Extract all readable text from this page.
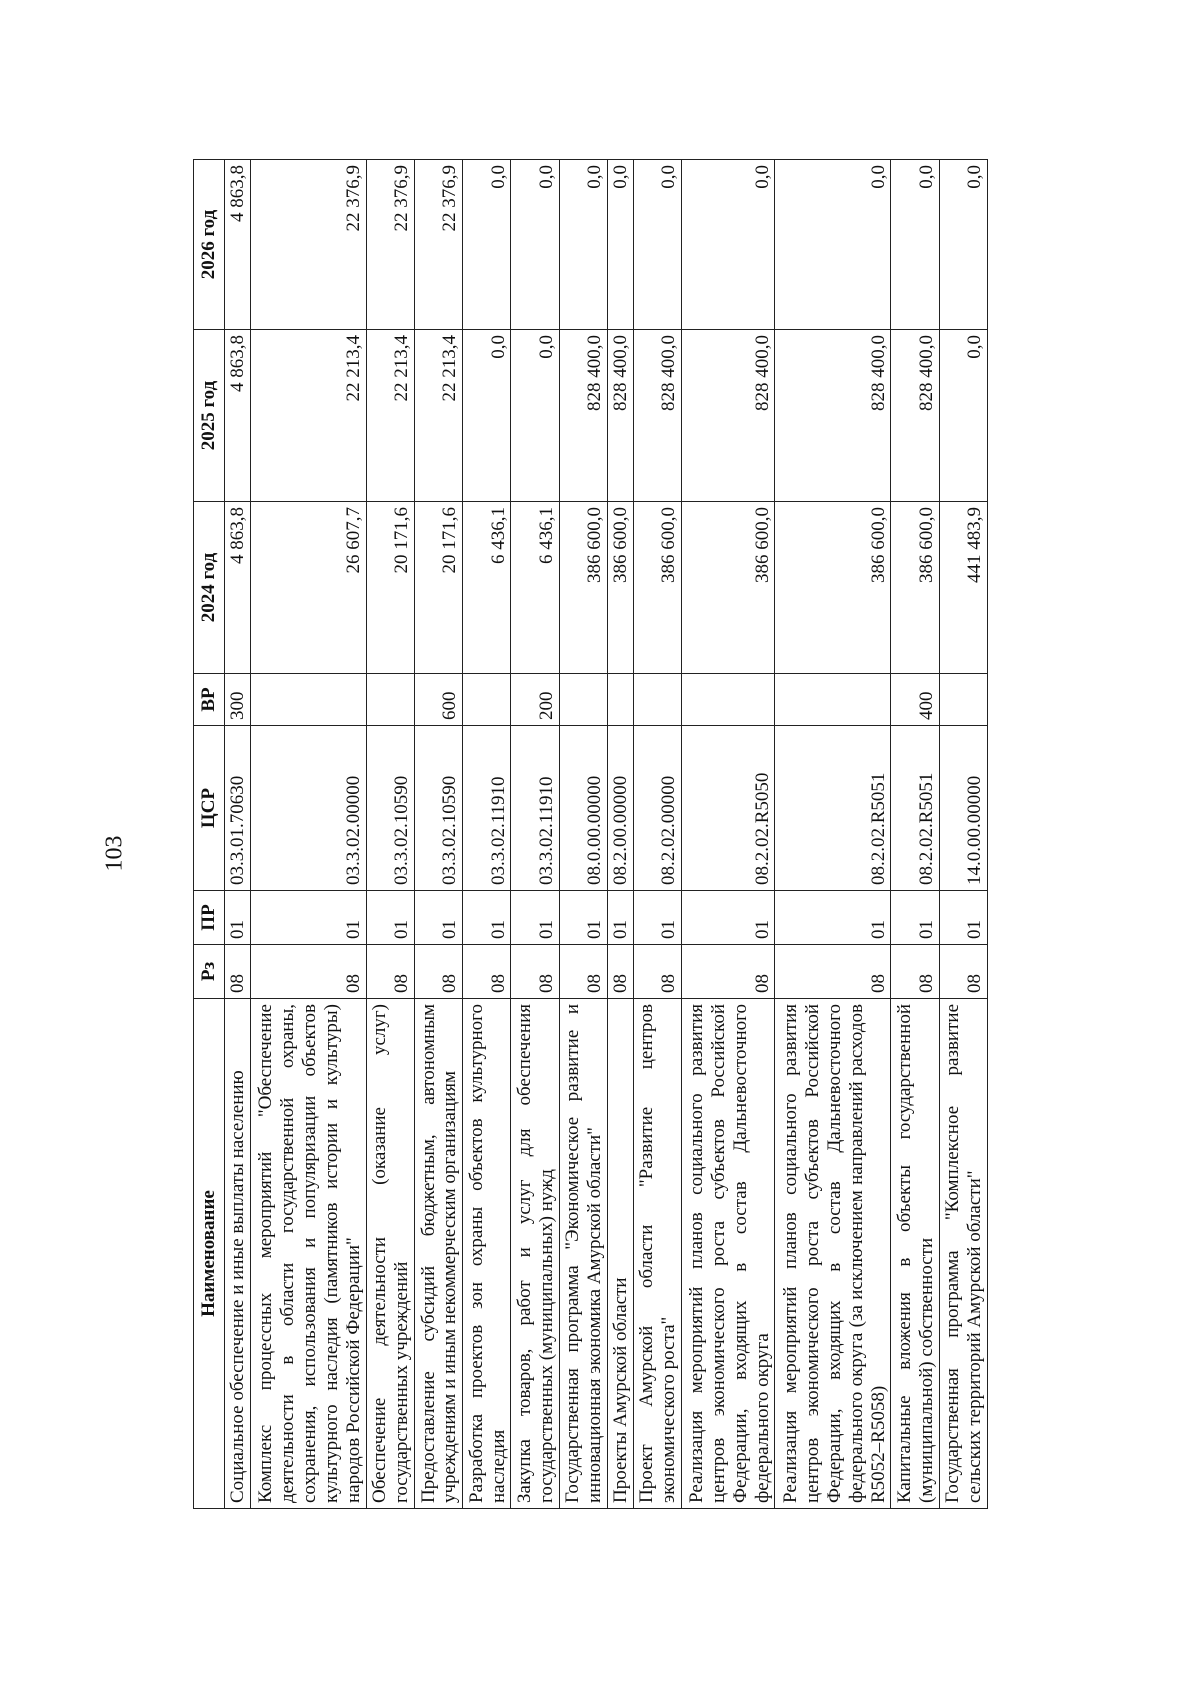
103
Наименование	Рз	ПР	ЦСР	ВР	2024 год	2025 год	2026 год
Социальное обеспечение и иные выплаты населению	08	01	03.3.01.70630	300	4 863,8	4 863,8	4 863,8
Комплекс процессных мероприятий "Обеспечение деятельности в области государственной охраны, сохранения, использования и популяризации объектов культурного наследия (памятников истории и культуры) народов Российской Федерации"	08	01	03.3.02.00000		26 607,7	22 213,4	22 376,9
Обеспечение деятельности (оказание услуг) государственных учреждений	08	01	03.3.02.10590		20 171,6	22 213,4	22 376,9
Предоставление субсидий бюджетным, автономным учреждениям и иным некоммерческим организациям	08	01	03.3.02.10590	600	20 171,6	22 213,4	22 376,9
Разработка проектов зон охраны объектов культурного наследия	08	01	03.3.02.11910		6 436,1	0,0	0,0
Закупка товаров, работ и услуг для обеспечения государственных (муниципальных) нужд	08	01	03.3.02.11910	200	6 436,1	0,0	0,0
Государственная программа "Экономическое развитие и инновационная экономика Амурской области"	08	01	08.0.00.00000		386 600,0	828 400,0	0,0
Проекты Амурской области	08	01	08.2.00.00000		386 600,0	828 400,0	0,0
Проект Амурской области "Развитие центров экономического роста"	08	01	08.2.02.00000		386 600,0	828 400,0	0,0
Реализация мероприятий планов социального развития центров экономического роста субъектов Российской Федерации, входящих в состав Дальневосточного федерального округа	08	01	08.2.02.R5050		386 600,0	828 400,0	0,0
Реализация мероприятий планов социального развития центров экономического роста субъектов Российской Федерации, входящих в состав Дальневосточного федерального округа (за исключением направлений расходов R5052–R5058)	08	01	08.2.02.R5051		386 600,0	828 400,0	0,0
Капитальные вложения в объекты государственной (муниципальной) собственности	08	01	08.2.02.R5051	400	386 600,0	828 400,0	0,0
Государственная программа "Комплексное развитие сельских территорий Амурской области"	08	01	14.0.00.00000		441 483,9	0,0	0,0
